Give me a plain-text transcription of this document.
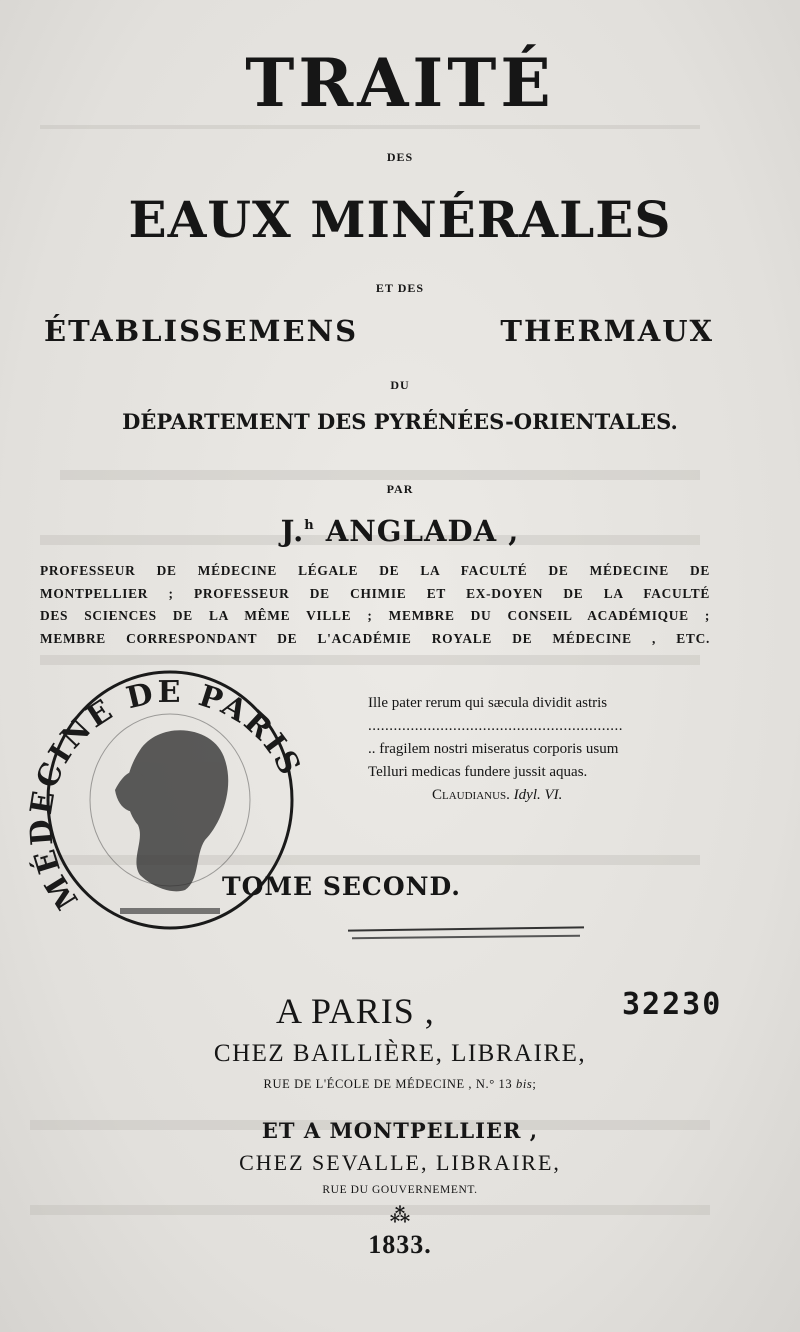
TRAITÉ
DES
EAUX MINÉRALES
ET DES
ÉTABLISSEMENS THERMAUX
DU
DÉPARTEMENT DES PYRÉNÉES-ORIENTALES.
PAR
J.$^h$ ANGLADA ,
PROFESSEUR DE MÉDECINE LÉGALE DE LA FACULTÉ DE MÉDECINE DE
MONTPELLIER ; PROFESSEUR DE CHIMIE ET EX-DOYEN DE LA FACULTÉ
DES SCIENCES DE LA MÊME VILLE ; MEMBRE DU CONSEIL ACADÉMIQUE ;
MEMBRE CORRESPONDANT DE L'ACADÉMIE ROYALE DE MÉDECINE , ETC.
Ille pater rerum qui sæcula dividit astris
............................................................
.. fragilem nostri miseratus corporis usum
Telluri medicas fundere jussit aquas.
Claudianus. Idyl. VI.
MÉDECINE DE PARIS
TOME SECOND.
A PARIS ,	32230
CHEZ BAILLIÈRE, LIBRAIRE,
RUE DE L'ÉCOLE DE MÉDECINE , N.° 13 bis;
ET A MONTPELLIER ,
CHEZ SEVALLE, LIBRAIRE,
RUE DU GOUVERNEMENT.
⁂
1833.
